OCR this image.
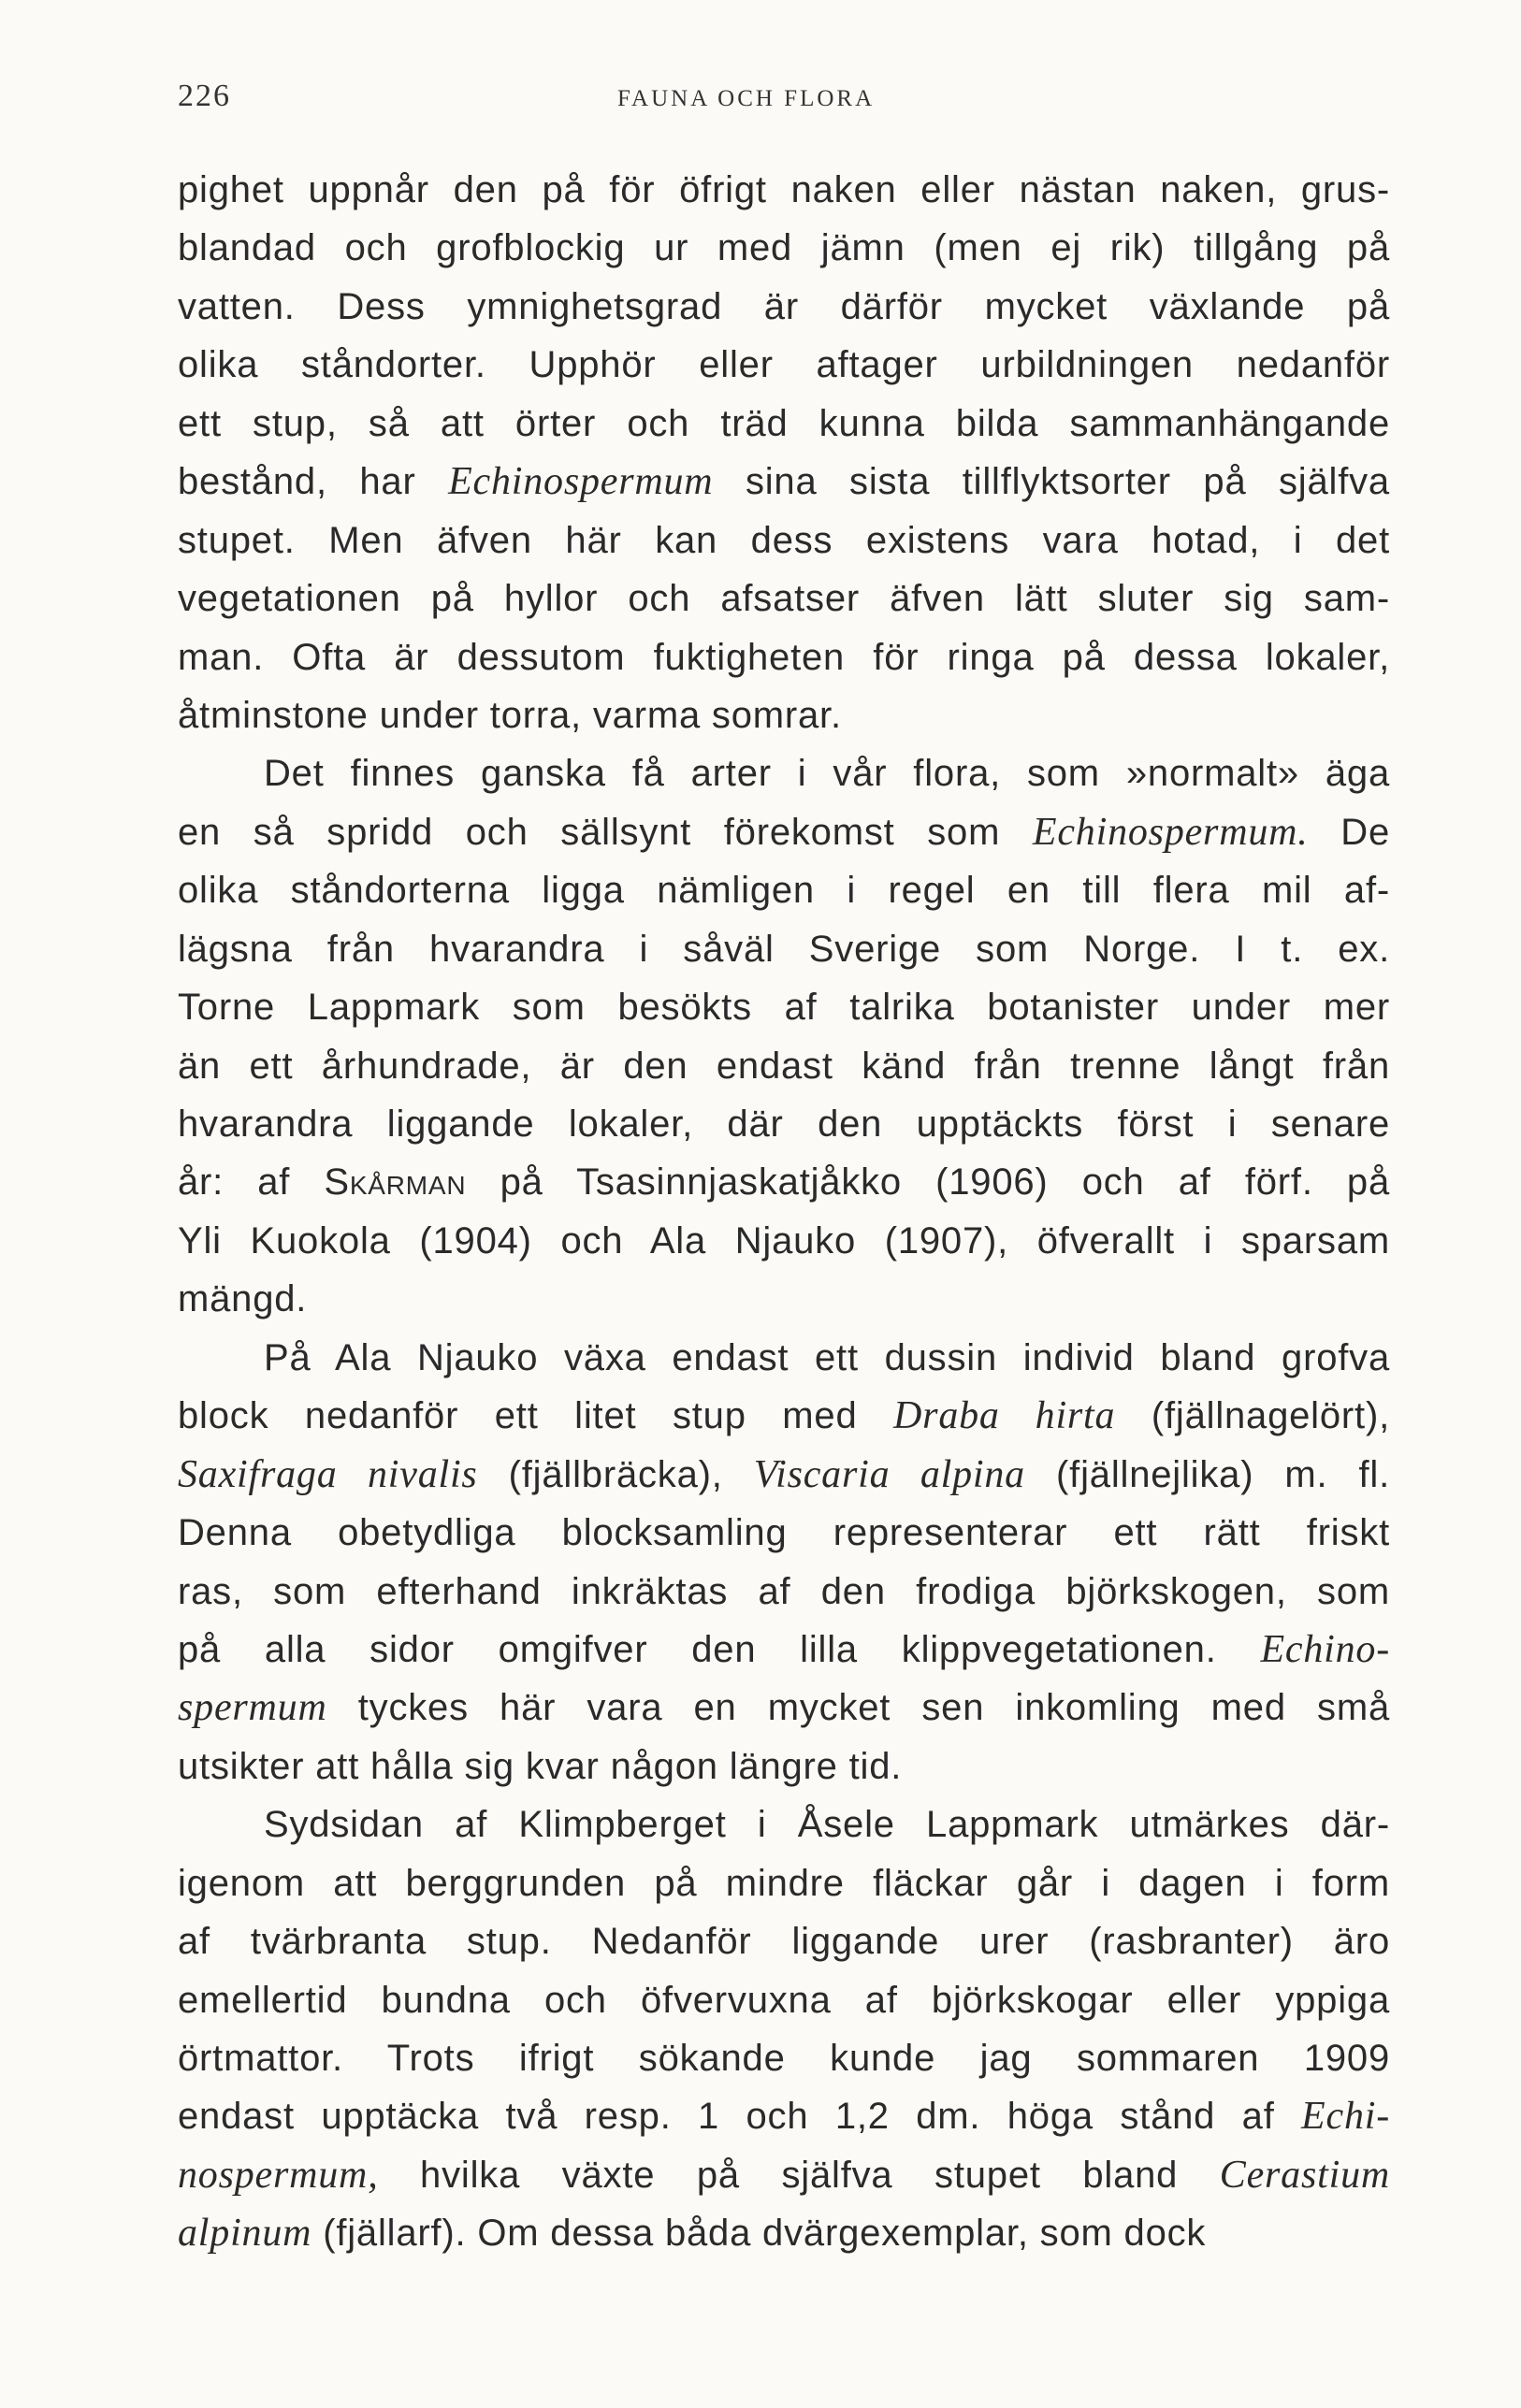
226	FAUNA OCH FLORA
pighet uppnår den på för öfrigt naken eller nästan naken, grus-
blandad och grofblockig ur med jämn (men ej rik) tillgång på
vatten. Dess ymnighetsgrad är därför mycket växlande på
olika ståndorter. Upphör eller aftager urbildningen nedanför
ett stup, så att örter och träd kunna bilda sammanhängande
bestånd, har Echinospermum sina sista tillflyktsorter på själfva
stupet. Men äfven här kan dess existens vara hotad, i det
vegetationen på hyllor och afsatser äfven lätt sluter sig sam-
man. Ofta är dessutom fuktigheten för ringa på dessa lokaler,
åtminstone under torra, varma somrar.
Det finnes ganska få arter i vår flora, som »normalt» äga
en så spridd och sällsynt förekomst som Echinospermum. De
olika ståndorterna ligga nämligen i regel en till flera mil af-
lägsna från hvarandra i såväl Sverige som Norge. I t. ex.
Torne Lappmark som besökts af talrika botanister under mer
än ett århundrade, är den endast känd från trenne långt från
hvarandra liggande lokaler, där den upptäckts först i senare
år: af Skårman på Tsasinnjaskatjåkko (1906) och af förf. på
Yli Kuokola (1904) och Ala Njauko (1907), öfverallt i sparsam
mängd.
På Ala Njauko växa endast ett dussin individ bland grofva
block nedanför ett litet stup med Draba hirta (fjällnagelört),
Saxifraga nivalis (fjällbräcka), Viscaria alpina (fjällnejlika) m. fl.
Denna obetydliga blocksamling representerar ett rätt friskt
ras, som efterhand inkräktas af den frodiga björkskogen, som
på alla sidor omgifver den lilla klippvegetationen. Echino-
spermum tyckes här vara en mycket sen inkomling med små
utsikter att hålla sig kvar någon längre tid.
Sydsidan af Klimpberget i Åsele Lappmark utmärkes där-
igenom att berggrunden på mindre fläckar går i dagen i form
af tvärbranta stup. Nedanför liggande urer (rasbranter) äro
emellertid bundna och öfvervuxna af björkskogar eller yppiga
örtmattor. Trots ifrigt sökande kunde jag sommaren 1909
endast upptäcka två resp. 1 och 1,2 dm. höga stånd af Echi-
nospermum, hvilka växte på själfva stupet bland Cerastium
alpinum (fjällarf). Om dessa båda dvärgexemplar, som dock
